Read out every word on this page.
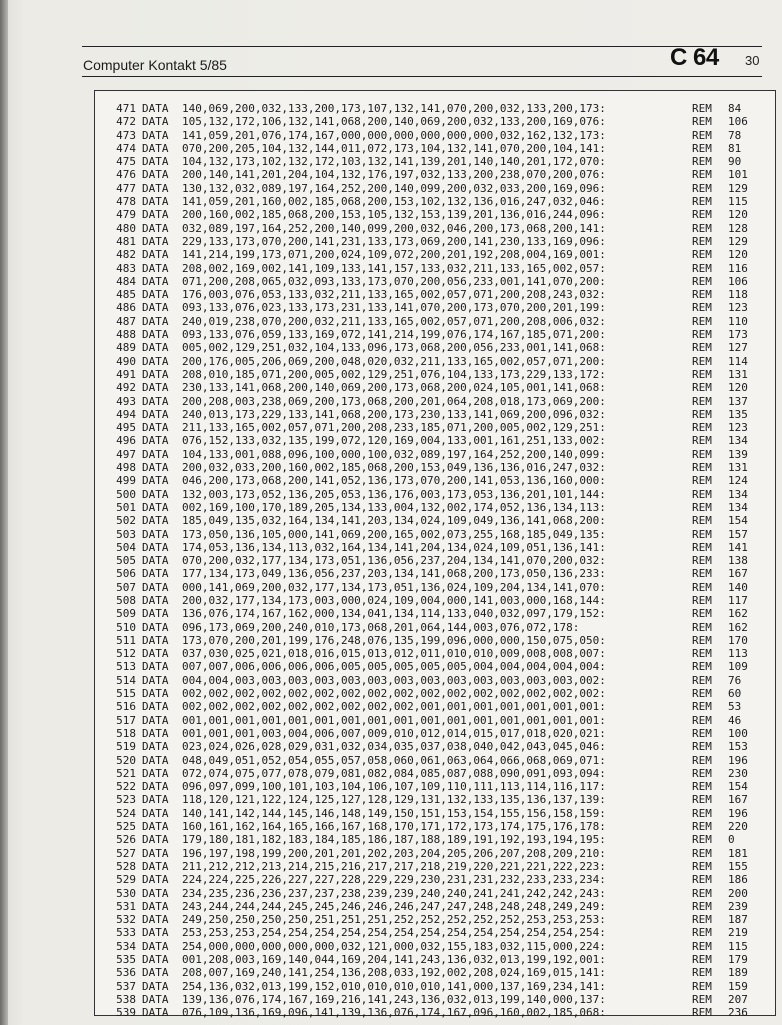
Computer Kontakt 5/85	C 64 30
471 DATA 140,069,200,032,133,200,173,107,132,141,070,200,032,133,200,173:	REM 84
472 DATA 105,132,172,106,132,141,068,200,140,069,200,032,133,200,169,076:	REM 106
473 DATA 141,059,201,076,174,167,000,000,000,000,000,000,032,162,132,173:	REM 78
474 DATA 070,200,205,104,132,144,011,072,173,104,132,141,070,200,104,141:	REM 81
475 DATA 104,132,173,102,132,172,103,132,141,139,201,140,140,201,172,070:	REM 90
476 DATA 200,140,141,201,204,104,132,176,197,032,133,200,238,070,200,076:	REM 101
477 DATA 130,132,032,089,197,164,252,200,140,099,200,032,033,200,169,096:	REM 129
478 DATA 141,059,201,160,002,185,068,200,153,102,132,136,016,247,032,046:	REM 115
479 DATA 200,160,002,185,068,200,153,105,132,153,139,201,136,016,244,096:	REM 120
480 DATA 032,089,197,164,252,200,140,099,200,032,046,200,173,068,200,141:	REM 128
481 DATA 229,133,173,070,200,141,231,133,173,069,200,141,230,133,169,096:	REM 129
482 DATA 141,214,199,173,071,200,024,109,072,200,201,192,208,004,169,001:	REM 120
483 DATA 208,002,169,002,141,109,133,141,157,133,032,211,133,165,002,057:	REM 116
484 DATA 071,200,208,065,032,093,133,173,070,200,056,233,001,141,070,200:	REM 106
485 DATA 176,003,076,053,133,032,211,133,165,002,057,071,200,208,243,032:	REM 118
486 DATA 093,133,076,023,133,173,231,133,141,070,200,173,070,200,201,199:	REM 123
487 DATA 240,019,238,070,200,032,211,133,165,002,057,071,200,208,006,032:	REM 110
488 DATA 093,133,076,059,133,169,072,141,214,199,076,174,167,185,071,200:	REM 173
489 DATA 005,002,129,251,032,104,133,096,173,068,200,056,233,001,141,068:	REM 127
490 DATA 200,176,005,206,069,200,048,020,032,211,133,165,002,057,071,200:	REM 114
491 DATA 208,010,185,071,200,005,002,129,251,076,104,133,173,229,133,172:	REM 131
492 DATA 230,133,141,068,200,140,069,200,173,068,200,024,105,001,141,068:	REM 120
493 DATA 200,208,003,238,069,200,173,068,200,201,064,208,018,173,069,200:	REM 137
494 DATA 240,013,173,229,133,141,068,200,173,230,133,141,069,200,096,032:	REM 135
495 DATA 211,133,165,002,057,071,200,208,233,185,071,200,005,002,129,251:	REM 123
496 DATA 076,152,133,032,135,199,072,120,169,004,133,001,161,251,133,002:	REM 134
497 DATA 104,133,001,088,096,100,000,100,032,089,197,164,252,200,140,099:	REM 139
498 DATA 200,032,033,200,160,002,185,068,200,153,049,136,136,016,247,032:	REM 131
499 DATA 046,200,173,068,200,141,052,136,173,070,200,141,053,136,160,000:	REM 124
500 DATA 132,003,173,052,136,205,053,136,176,003,173,053,136,201,101,144:	REM 134
501 DATA 002,169,100,170,189,205,134,133,004,132,002,174,052,136,134,113:	REM 134
502 DATA 185,049,135,032,164,134,141,203,134,024,109,049,136,141,068,200:	REM 154
503 DATA 173,050,136,105,000,141,069,200,165,002,073,255,168,185,049,135:	REM 157
504 DATA 174,053,136,134,113,032,164,134,141,204,134,024,109,051,136,141:	REM 141
505 DATA 070,200,032,177,134,173,051,136,056,237,204,134,141,070,200,032:	REM 138
506 DATA 177,134,173,049,136,056,237,203,134,141,068,200,173,050,136,233:	REM 167
507 DATA 000,141,069,200,032,177,134,173,051,136,024,109,204,134,141,070:	REM 140
508 DATA 200,032,177,134,173,003,000,024,109,004,000,141,003,000,168,144:	REM 117
509 DATA 136,076,174,167,162,000,134,041,134,114,133,040,032,097,179,152:	REM 162
510 DATA 096,173,069,200,240,010,173,068,201,064,144,003,076,072,178:	REM 162
511 DATA 173,070,200,201,199,176,248,076,135,199,096,000,000,150,075,050:	REM 170
512 DATA 037,030,025,021,018,016,015,013,012,011,010,010,009,008,008,007:	REM 113
513 DATA 007,007,006,006,006,006,005,005,005,005,005,004,004,004,004,004:	REM 109
514 DATA 004,004,003,003,003,003,003,003,003,003,003,003,003,003,003,002:	REM 76
515 DATA 002,002,002,002,002,002,002,002,002,002,002,002,002,002,002,002:	REM 60
516 DATA 002,002,002,002,002,002,002,002,002,001,001,001,001,001,001,001:	REM 53
517 DATA 001,001,001,001,001,001,001,001,001,001,001,001,001,001,001,001:	REM 46
518 DATA 001,001,001,003,004,006,007,009,010,012,014,015,017,018,020,021:	REM 100
519 DATA 023,024,026,028,029,031,032,034,035,037,038,040,042,043,045,046:	REM 153
520 DATA 048,049,051,052,054,055,057,058,060,061,063,064,066,068,069,071:	REM 196
521 DATA 072,074,075,077,078,079,081,082,084,085,087,088,090,091,093,094:	REM 230
522 DATA 096,097,099,100,101,103,104,106,107,109,110,111,113,114,116,117:	REM 154
523 DATA 118,120,121,122,124,125,127,128,129,131,132,133,135,136,137,139:	REM 167
524 DATA 140,141,142,144,145,146,148,149,150,151,153,154,155,156,158,159:	REM 196
525 DATA 160,161,162,164,165,166,167,168,170,171,172,173,174,175,176,178:	REM 220
526 DATA 179,180,181,182,183,184,185,186,187,188,189,191,192,193,194,195:	REM 0
527 DATA 196,197,198,199,200,201,201,202,203,204,205,206,207,208,209,210:	REM 181
528 DATA 211,212,212,213,214,215,216,217,217,218,219,220,221,221,222,223:	REM 155
529 DATA 224,224,225,226,227,227,228,229,229,230,231,231,232,233,233,234:	REM 186
530 DATA 234,235,236,236,237,237,238,239,239,240,240,241,241,242,242,243:	REM 200
531 DATA 243,244,244,244,245,245,246,246,246,247,247,248,248,248,249,249:	REM 239
532 DATA 249,250,250,250,250,251,251,251,252,252,252,252,252,253,253,253:	REM 187
533 DATA 253,253,253,254,254,254,254,254,254,254,254,254,254,254,254,254:	REM 219
534 DATA 254,000,000,000,000,000,032,121,000,032,155,183,032,115,000,224:	REM 115
535 DATA 001,208,003,169,140,044,169,204,141,243,136,032,013,199,192,001:	REM 179
536 DATA 208,007,169,240,141,254,136,208,033,192,002,208,024,169,015,141:	REM 189
537 DATA 254,136,032,013,199,152,010,010,010,010,141,000,137,169,234,141:	REM 159
538 DATA 139,136,076,174,167,169,216,141,243,136,032,013,199,140,000,137:	REM 207
539 DATA 076,109,136,169,096,141,139,136,076,174,167,096,160,002,185,068:	REM 236
